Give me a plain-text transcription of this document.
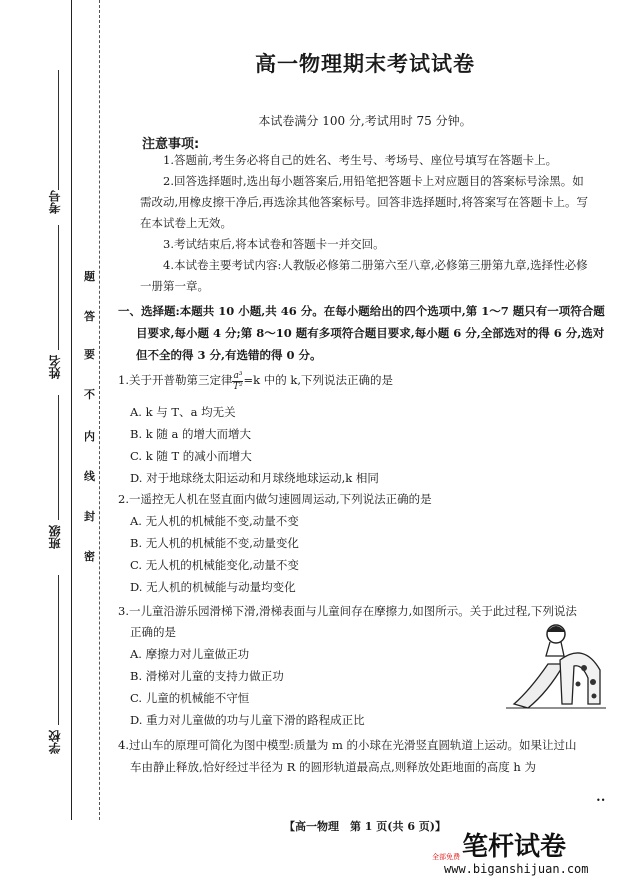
考号
姓名
班级
学校
题
答
要
不
内
线
封
密
高一物理期末考试试卷
本试卷满分 100 分,考试用时 75 分钟。
注意事项:
1.答题前,考生务必将自己的姓名、考生号、考场号、座位号填写在答题卡上。
2.回答选择题时,选出每小题答案后,用铅笔把答题卡上对应题目的答案标号涂黑。如需改动,用橡皮擦干净后,再选涂其他答案标号。回答非选择题时,将答案写在答题卡上。写在本试卷上无效。
3.考试结束后,将本试卷和答题卡一并交回。
4.本试卷主要考试内容:人教版必修第二册第六至八章,必修第三册第九章,选择性必修一册第一章。
一、选择题:本题共 10 小题,共 46 分。在每小题给出的四个选项中,第 1～7 题只有一项符合题
目要求,每小题 4 分;第 8～10 题有多项符合题目要求,每小题 6 分,全部选对的得 6 分,选对但不全的得 3 分,有选错的得 0 分。
1.关于开普勒第三定律 $\frac{\text{a³}}{\text{T²}}=k$ 中的 k,下列说法正确的是
A. k 与 T、a 均无关
B. k 随 a 的增大而增大
C. k 随 T 的减小而增大
D. 对于地球绕太阳运动和月球绕地球运动,k 相同
2.一遥控无人机在竖直面内做匀速圆周运动,下列说法正确的是
A. 无人机的机械能不变,动量不变
B. 无人机的机械能不变,动量变化
C. 无人机的机械能变化,动量不变
D. 无人机的机械能与动量均变化
3.一儿童沿游乐园滑梯下滑,滑梯表面与儿童间存在摩擦力,如图所示。关于此过程,下列说法
正确的是
A. 摩擦力对儿童做正功
B. 滑梯对儿童的支持力做正功
C. 儿童的机械能不守恒
D. 重力对儿童做的功与儿童下滑的路程成正比
4.过山车的原理可简化为图中模型:质量为 m 的小球在光滑竖直圆轨道上运动。如果让过山
车由静止释放,恰好经过半径为 R 的圆形轨道最高点,则释放处距地面的高度 h 为
【高一物理　第 1 页(共 6 页)】
••
笔杆试卷
全部免费
www.biganshijuan.com
